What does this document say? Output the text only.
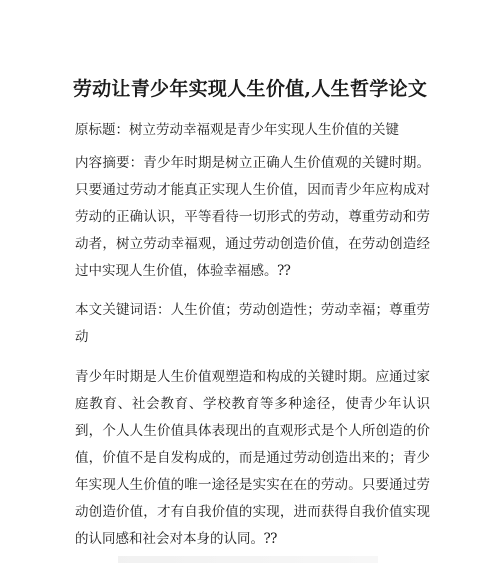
劳动让青少年实现人生价值,人生哲学论文
原标题：树立劳动幸福观是青少年实现人生价值的关键
内容摘要：青少年时期是树立正确人生价值观的关键时期。只要通过劳动才能真正实现人生价值，因而青少年应构成对劳动的正确认识，平等看待一切形式的劳动，尊重劳动和劳动者，树立劳动幸福观，通过劳动创造价值，在劳动创造经过中实现人生价值，体验幸福感。⁇
本文关键词语：人生价值；劳动创造性；劳动幸福；尊重劳动
青少年时期是人生价值观塑造和构成的关键时期。应通过家庭教育、社会教育、学校教育等多种途径，使青少年认识到，个人人生价值具体表现出的直观形式是个人所创造的价值，价值不是自发构成的，而是通过劳动创造出来的；青少年实现人生价值的唯一途径是实实在在的劳动。只要通过劳动创造价值，才有自我价值的实现，进而获得自我价值实现的认同感和社会对本身的认同。⁇
